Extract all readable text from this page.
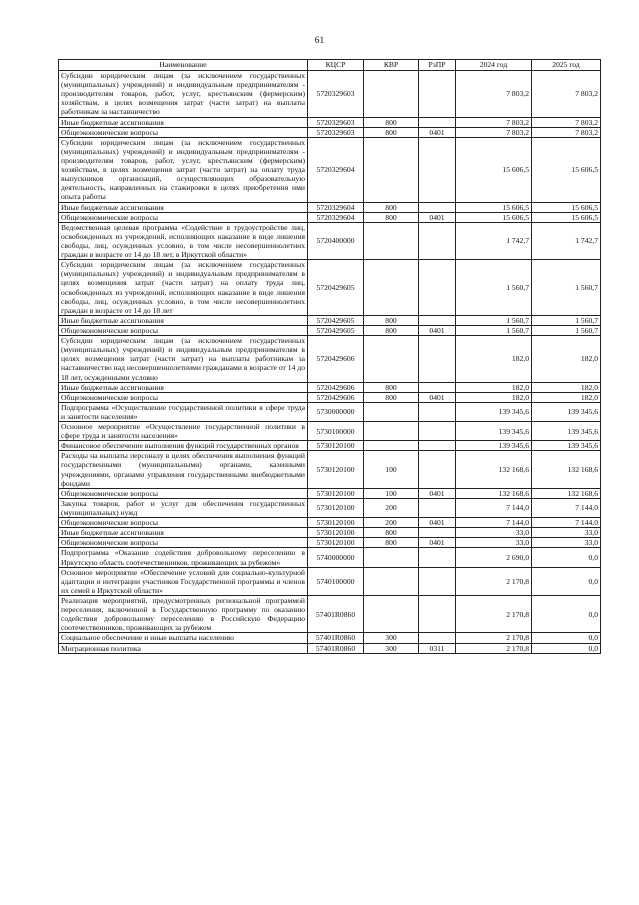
61
Наименование	КЦСР	КВР	РзПР	2024 год	2025 год
Субсидии юридическим лицам (за исключением государственных (муниципальных) учреждений) и индивидуальным предпринимателям - производителям товаров, работ, услуг, крестьянским (фермерским) хозяйствам, в целях возмещения затрат (части затрат) на выплаты работникам за наставничество	5720329603			7 803,2	7 803,2
Иные бюджетные ассигнования	5720329603	800		7 803,2	7 803,2
Общеэкономические вопросы	5720329603	800	0401	7 803,2	7 803,2
Субсидии юридическим лицам (за исключением государственных (муниципальных) учреждений) и индивидуальным предпринимателям - производителям товаров, работ, услуг, крестьянским (фермерским) хозяйствам, в целях возмещения затрат (части затрат) на оплату труда выпускников организаций, осуществляющих образовательную деятельность, направленных на стажировки в целях приобретения ими опыта работы	5720329604			15 606,5	15 606,5
Иные бюджетные ассигнования	5720329604	800		15 606,5	15 606,5
Общеэкономические вопросы	5720329604	800	0401	15 606,5	15 606,5
Ведомственная целевая программа «Содействие в трудоустройстве лиц, освобожденных из учреждений, исполняющих наказание в виде лишения свободы, лиц, осужденных условно, в том числе несовершеннолетних граждан в возрасте от 14 до 18 лет, в Иркутской области»	5720400000			1 742,7	1 742,7
Субсидии юридическим лицам (за исключением государственных (муниципальных) учреждений) и индивидуальным предпринимателям в целях возмещения затрат (части затрат) на оплату труда лиц, освобожденных из учреждений, исполняющих наказание в виде лишения свободы, лиц, осужденных условно, в том числе несовершеннолетних граждан в возрасте от 14 до 18 лет	5720429605			1 560,7	1 560,7
Иные бюджетные ассигнования	5720429605	800		1 560,7	1 560,7
Общеэкономические вопросы	5720429605	800	0401	1 560,7	1 560,7
Субсидии юридическим лицам (за исключением государственных (муниципальных) учреждений) и индивидуальным предпринимателям в целях возмещения затрат (части затрат) на выплаты работникам за наставничество над несовершеннолетними гражданами в возрасте от 14 до 18 лет, осужденными условно	5720429606			182,0	182,0
Иные бюджетные ассигнования	5720429606	800		182,0	182,0
Общеэкономические вопросы	5720429606	800	0401	182,0	182,0
Подпрограмма «Осуществление государственной политики в сфере труда и занятости населения»	5730000000			139 345,6	139 345,6
Основное мероприятие «Осуществление государственной политики в сфере труда и занятости населения»	5730100000			139 345,6	139 345,6
Финансовое обеспечение выполнения функций государственных органов	5730120100			139 345,6	139 345,6
Расходы на выплаты персоналу в целях обеспечения выполнения функций государственными (муниципальными) органами, казенными учреждениями, органами управления государственными внебюджетными фондами	5730120100	100		132 168,6	132 168,6
Общеэкономические вопросы	5730120100	100	0401	132 168,6	132 168,6
Закупка товаров, работ и услуг для обеспечения государственных (муниципальных) нужд	5730120100	200		7 144,0	7 144,0
Общеэкономические вопросы	5730120100	200	0401	7 144,0	7 144,0
Иные бюджетные ассигнования	5730120100	800		33,0	33,0
Общеэкономические вопросы	5730120100	800	0401	33,0	33,0
Подпрограмма «Оказание содействия добровольному переселению в Иркутскую область соотечественников, проживающих за рубежом»	5740000000			2 690,0	0,0
Основное мероприятие «Обеспечение условий для социально-культурной адаптации и интеграции участников Государственной программы и членов их семей в Иркутской области»	5740100000			2 170,8	0,0
Реализация мероприятий, предусмотренных региональной программой переселения, включенной в Государственную программу по оказанию содействия добровольному переселению в Российскую Федерацию соотечественников, проживающих за рубежом	57401R0860			2 170,8	0,0
Социальное обеспечение и иные выплаты населению	57401R0860	300		2 170,8	0,0
Миграционная политика	57401R0860	300	0311	2 170,8	0,0
